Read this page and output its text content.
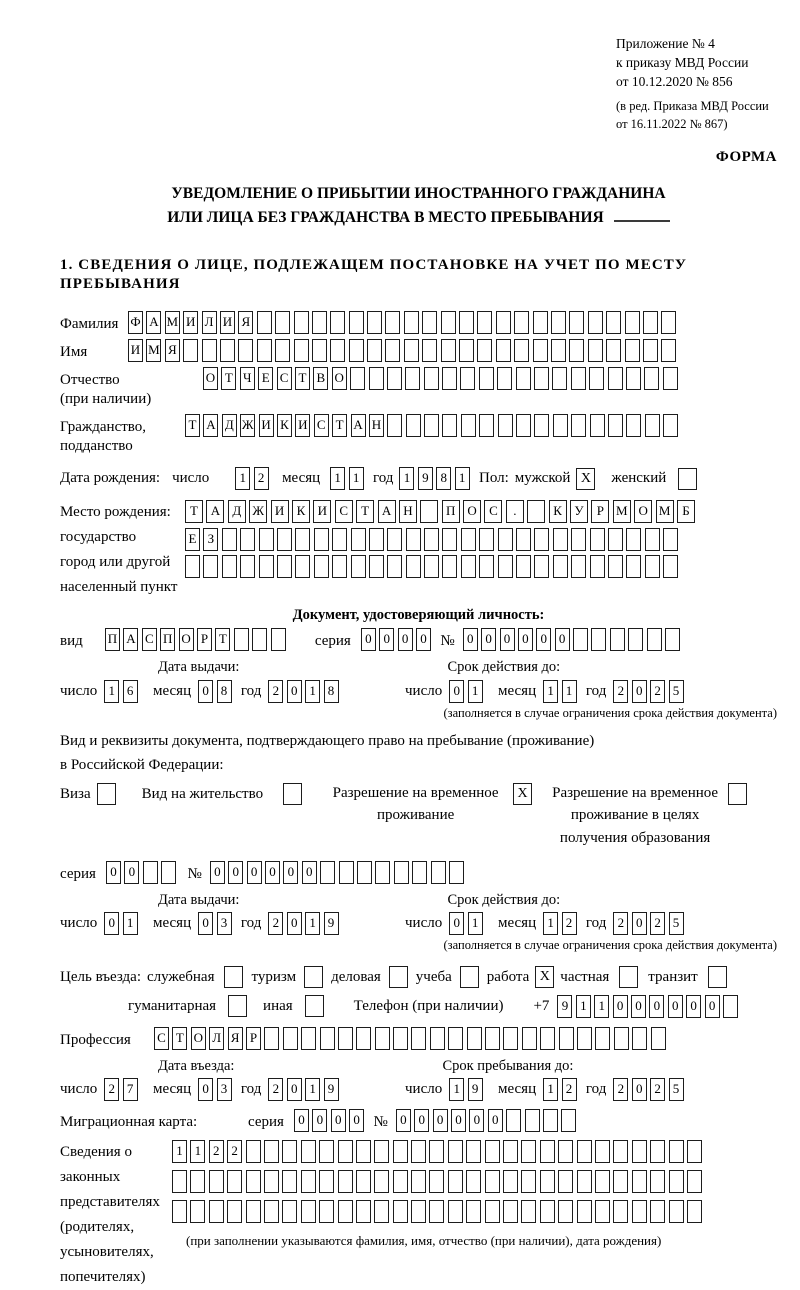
Приложение № 4
к приказу МВД России
от 10.12.2020 № 856
(в ред. Приказа МВД России
от 16.11.2022 № 867)
ФОРМА
УВЕДОМЛЕНИЕ О ПРИБЫТИИ ИНОСТРАННОГО ГРАЖДАНИНА
ИЛИ ЛИЦА БЕЗ ГРАЖДАНСТВА В МЕСТО ПРЕБЫВАНИЯ
1. СВЕДЕНИЯ О ЛИЦЕ, ПОДЛЕЖАЩЕМ ПОСТАНОВКЕ НА УЧЕТ ПО МЕСТУ ПРЕБЫВАНИЯ
Фамилия Ф А М И Л И Я
Имя	И М Я
Отчество
(при наличии)
О Т Ч Е С Т В О
Гражданство,
подданство
Т А Д Ж И К И С Т А Н
Дата рождения: число	1 2 месяц	1 1 год 1 9 8 1 Пол: мужской X женский
Место рождения:
государство
город или другой
населенный пункт
Т А Д Ж И К И С	Т А Н	П О С	.	К У	Р М О М Б
Е З
Документ, удостоверяющий личность:
вид	П А С П О Р Т	серия	0 0 0 0 № 0 0 0 0 0 0
Дата выдачи:	Срок действия до:
число 1 6 месяц 0 8 год 2 0 1 8	число 0 1 месяц 1 1 год 2 0 2 5
(заполняется в случае ограничения срока действия документа)
Вид и реквизиты документа, подтверждающего право на пребывание (проживание)
в Российской Федерации:
Виза	Вид на жительство	Разрешение на временное проживание
X	Разрешение на временное проживание в целях получения образования
серия	0 0	№ 0 0 0 0 0 0
Дата выдачи:	Срок действия до:
число 0 1 месяц 0 3 год 2 0 1 9	число 0 1 месяц 1 2 год 2 0 2 5
(заполняется в случае ограничения срока действия документа)
Цель въезда: служебная туризм деловая учеба работа X частная	транзит
гуманитарная	иная	Телефон (при наличии) +7 9 1 1 0 0 0 0 0 0
Профессия	С Т О Л Я Р
Дата въезда:	Срок пребывания до:
число 2 7 месяц 0 3 год 2 0 1 9	число 1 9 месяц 1 2 год 2 0 2 5
Миграционная карта:	серия	0 0 0 0 № 0 0 0 0 0 0
Сведения о
законных
представителях
(родителях,
усыновителях,
попечителях)
1 1 2 2
(при заполнении указываются фамилия, имя, отчество (при наличии), дата рождения)
